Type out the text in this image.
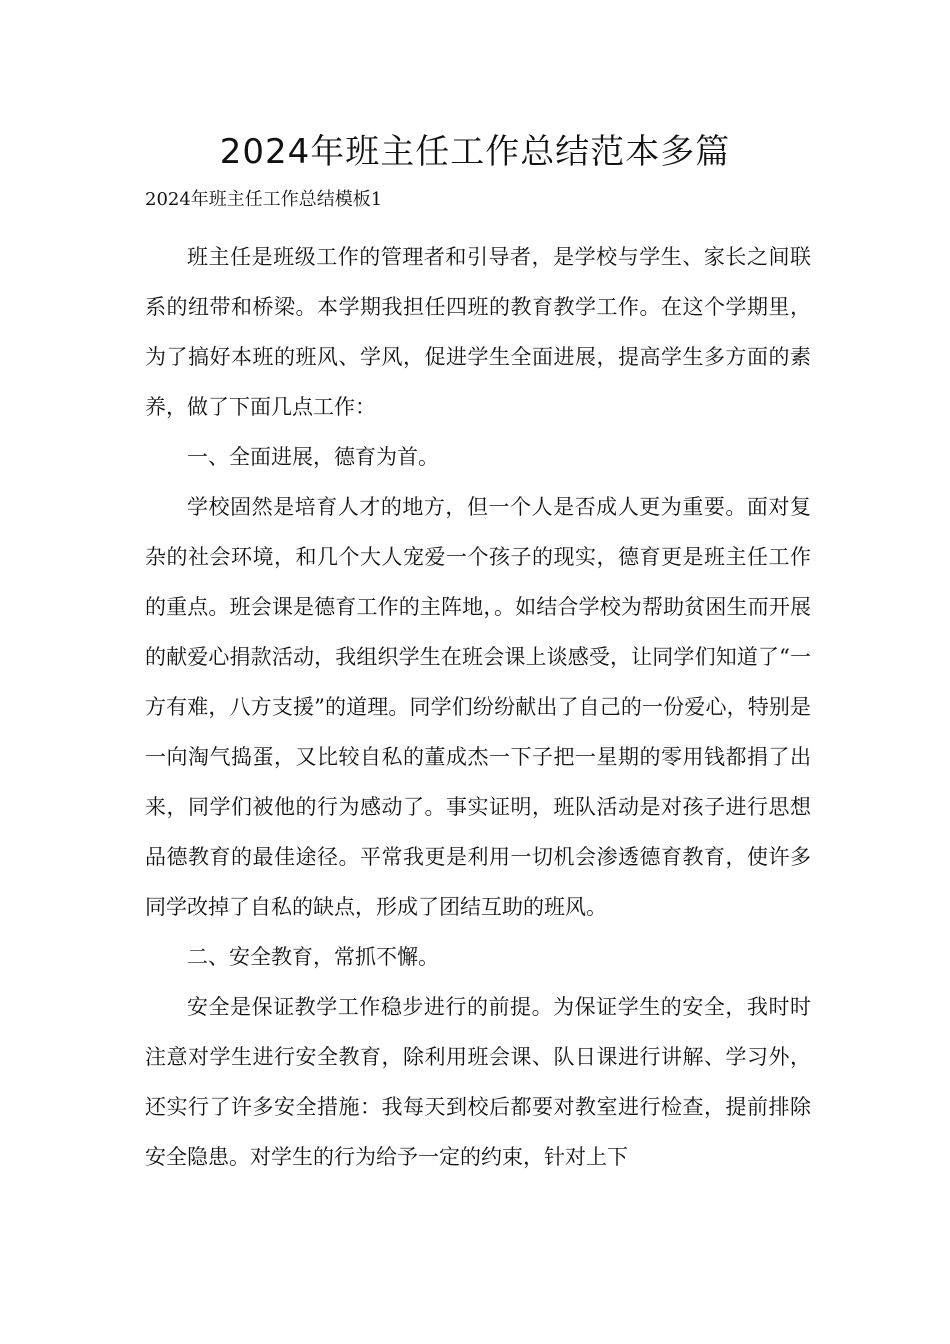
2024年班主任工作总结范本多篇
2024年班主任工作总结模板1

班主任是班级工作的管理者和引导者，是学校与学生、家长之间联系的纽带和桥梁。本学期我担任四班的教育教学工作。在这个学期里，为了搞好本班的班风、学风，促进学生全面进展，提高学生多方面的素养，做了下面几点工作：

一、全面进展，德育为首。

学校固然是培育人才的地方，但一个人是否成人更为重要。面对复杂的社会环境，和几个大人宠爱一个孩子的现实，德育更是班主任工作的重点。班会课是德育工作的主阵地，。如结合学校为帮助贫困生而开展的献爱心捐款活动，我组织学生在班会课上谈感受，让同学们知道了“一方有难，八方支援”的道理。同学们纷纷献出了自己的一份爱心，特别是一向淘气捣蛋，又比较自私的董成杰一下子把一星期的零用钱都捐了出来，同学们被他的行为感动了。事实证明，班队活动是对孩子进行思想品德教育的最佳途径。平常我更是利用一切机会渗透德育教育，使许多同学改掉了自私的缺点，形成了团结互助的班风。

二、安全教育，常抓不懈。

安全是保证教学工作稳步进行的前提。为保证学生的安全，我时时注意对学生进行安全教育，除利用班会课、队日课进行讲解、学习外，还实行了许多安全措施：我每天到校后都要对教室进行检查，提前排除安全隐患。对学生的行为给予一定的约束，针对上下
